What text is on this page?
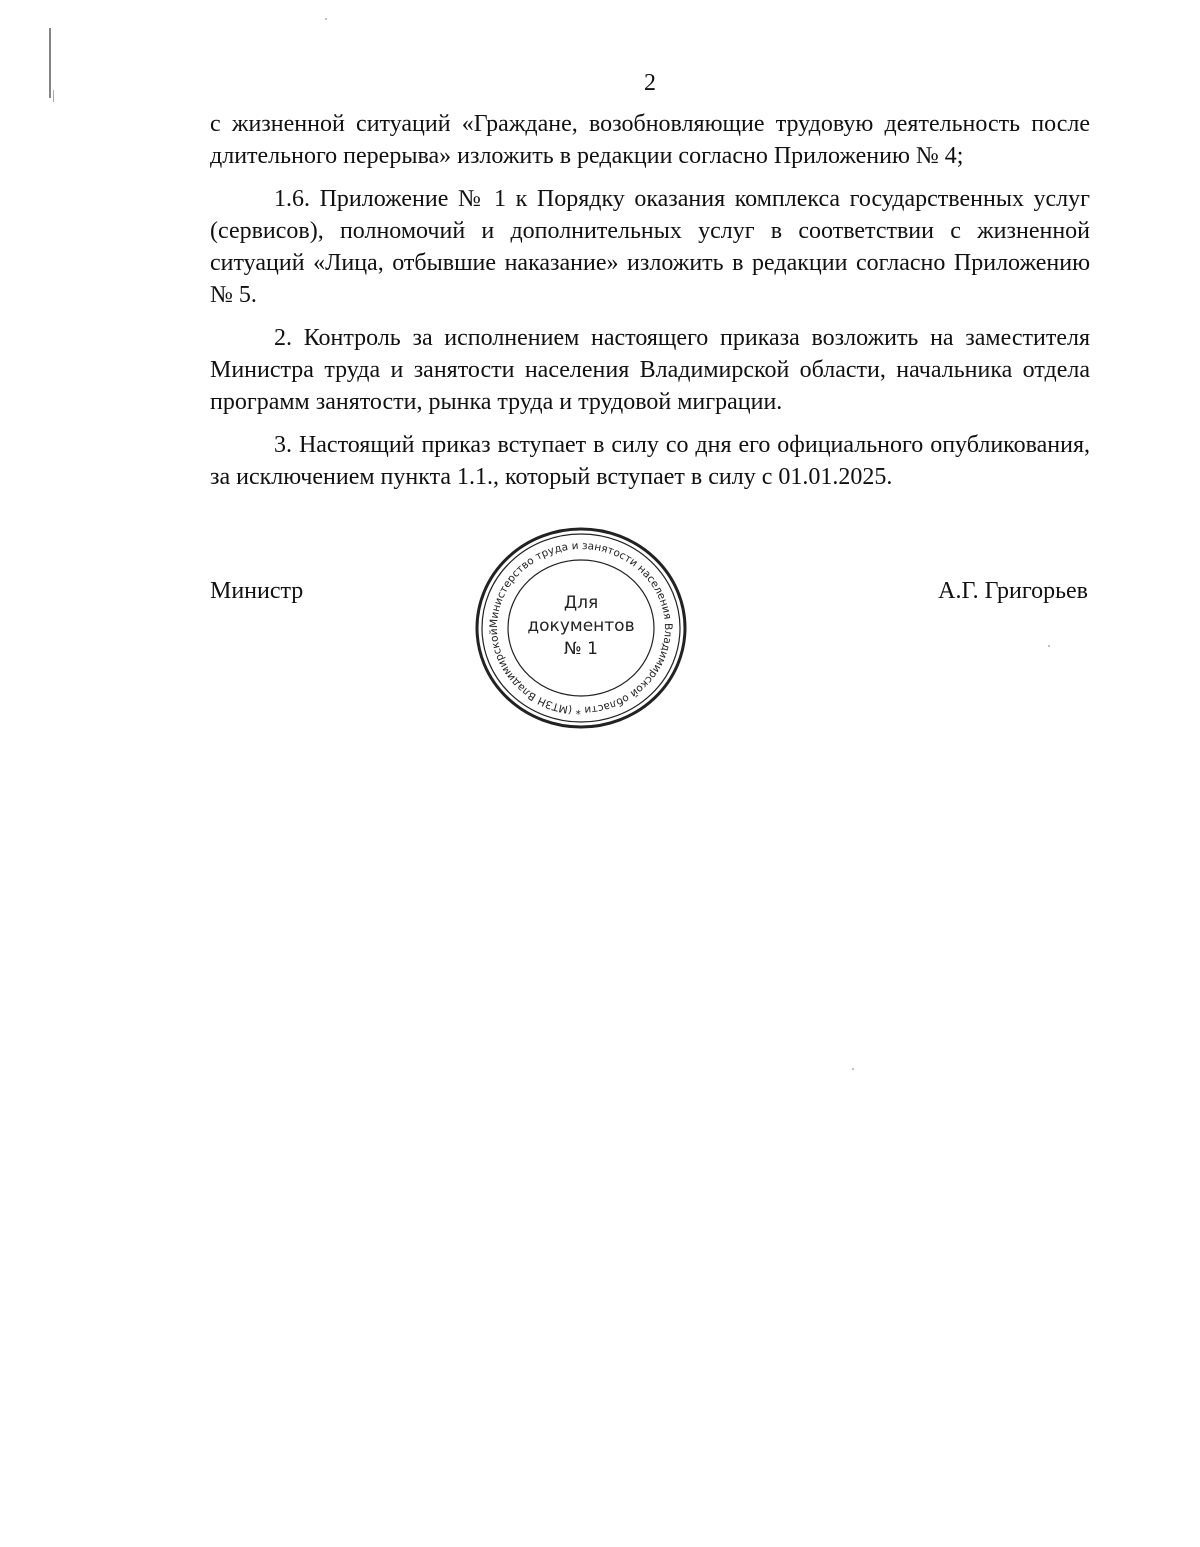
2

с жизненной ситуаций «Граждане, возобновляющие трудовую деятельность после длительного перерыва» изложить в редакции согласно Приложению № 4;

1.6. Приложение № 1 к Порядку оказания комплекса государственных услуг (сервисов), полномочий и дополнительных услуг в соответствии с жизненной ситуаций «Лица, отбывшие наказание» изложить в редакции согласно Приложению № 5.

2. Контроль за исполнением настоящего приказа возложить на заместителя Министра труда и занятости населения Владимирской области, начальника отдела программ занятости, рынка труда и трудовой миграции.

3. Настоящий приказ вступает в силу со дня его официального опубликования, за исключением пункта 1.1., который вступает в силу с 01.01.2025.

Министр
Министерство труда и занятости населения Владимирской области * (МТЗН Владимирской
Для
документов
№ 1
А.Г. Григорьев
